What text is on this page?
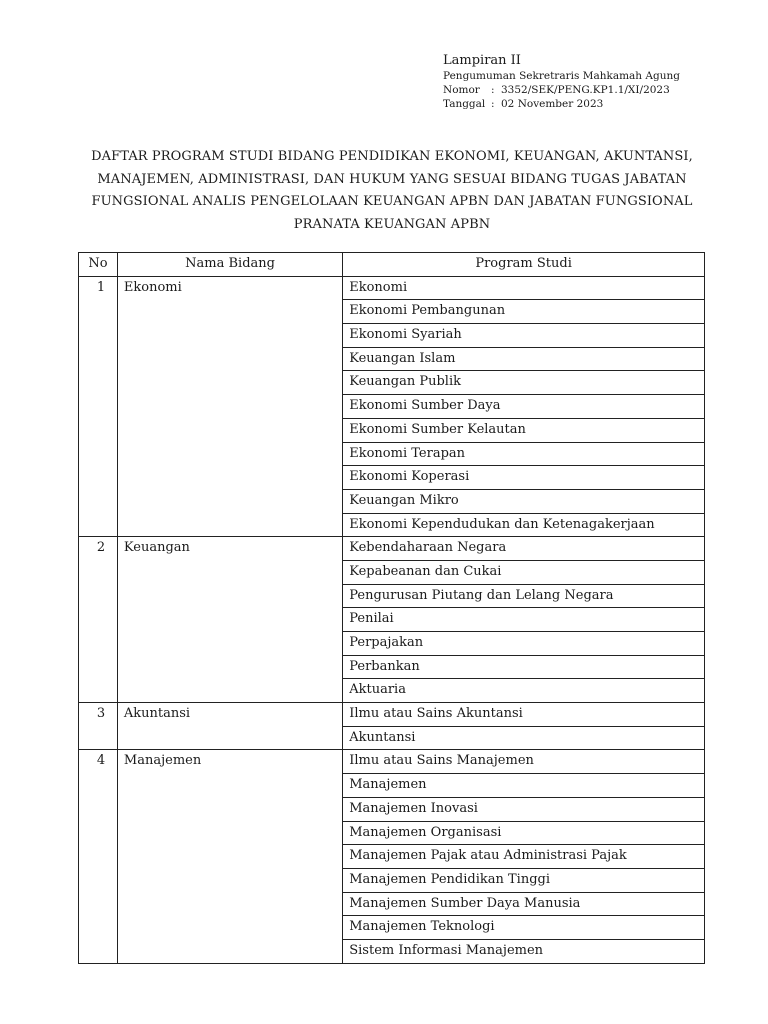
Lampiran II
Pengumuman Sekretraris Mahkamah Agung
Nomor	: 3352/SEK/PENG.KP1.1/XI/2023
Tanggal : 02 November 2023
DAFTAR PROGRAM STUDI BIDANG PENDIDIKAN EKONOMI, KEUANGAN, AKUNTANSI,
MANAJEMEN, ADMINISTRASI, DAN HUKUM YANG SESUAI BIDANG TUGAS JABATAN
FUNGSIONAL ANALIS PENGELOLAAN KEUANGAN APBN DAN JABATAN FUNGSIONAL
PRANATA KEUANGAN APBN
No	Nama Bidang	Program Studi
1	Ekonomi	Ekonomi
		Ekonomi Pembangunan
		Ekonomi Syariah
		Keuangan Islam
		Keuangan Publik
		Ekonomi Sumber Daya
		Ekonomi Sumber Kelautan
		Ekonomi Terapan
		Ekonomi Koperasi
		Keuangan Mikro
		Ekonomi Kependudukan dan Ketenagakerjaan
2	Keuangan	Kebendaharaan Negara
		Kepabeanan dan Cukai
		Pengurusan Piutang dan Lelang Negara
		Penilai
		Perpajakan
		Perbankan
		Aktuaria
3	Akuntansi	Ilmu atau Sains Akuntansi
		Akuntansi
4	Manajemen	Ilmu atau Sains Manajemen
		Manajemen
		Manajemen Inovasi
		Manajemen Organisasi
		Manajemen Pajak atau Administrasi Pajak
		Manajemen Pendidikan Tinggi
		Manajemen Sumber Daya Manusia
		Manajemen Teknologi
		Sistem Informasi Manajemen
